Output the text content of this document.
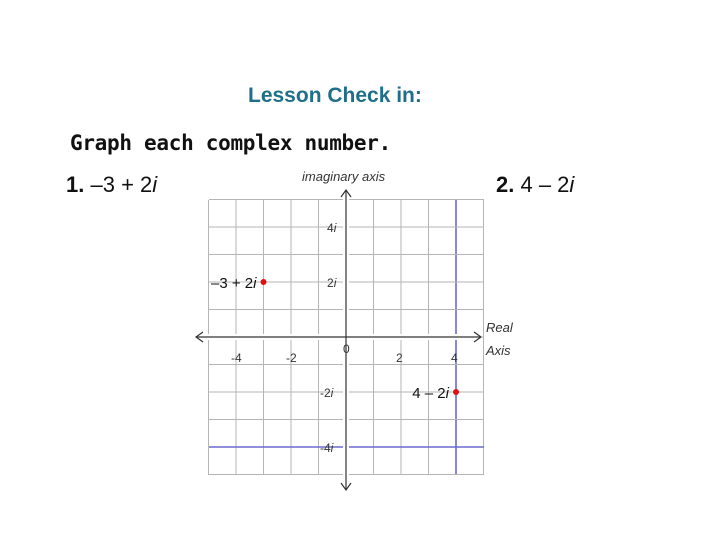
Lesson Check in:
Graph each complex number.
1. –3 + 2i	2. 4 – 2i
imaginary axis
Real
Axis
-4	-2
0
2	4
4i
2i
-2i
-4i
–3 + 2i
4 – 2i
